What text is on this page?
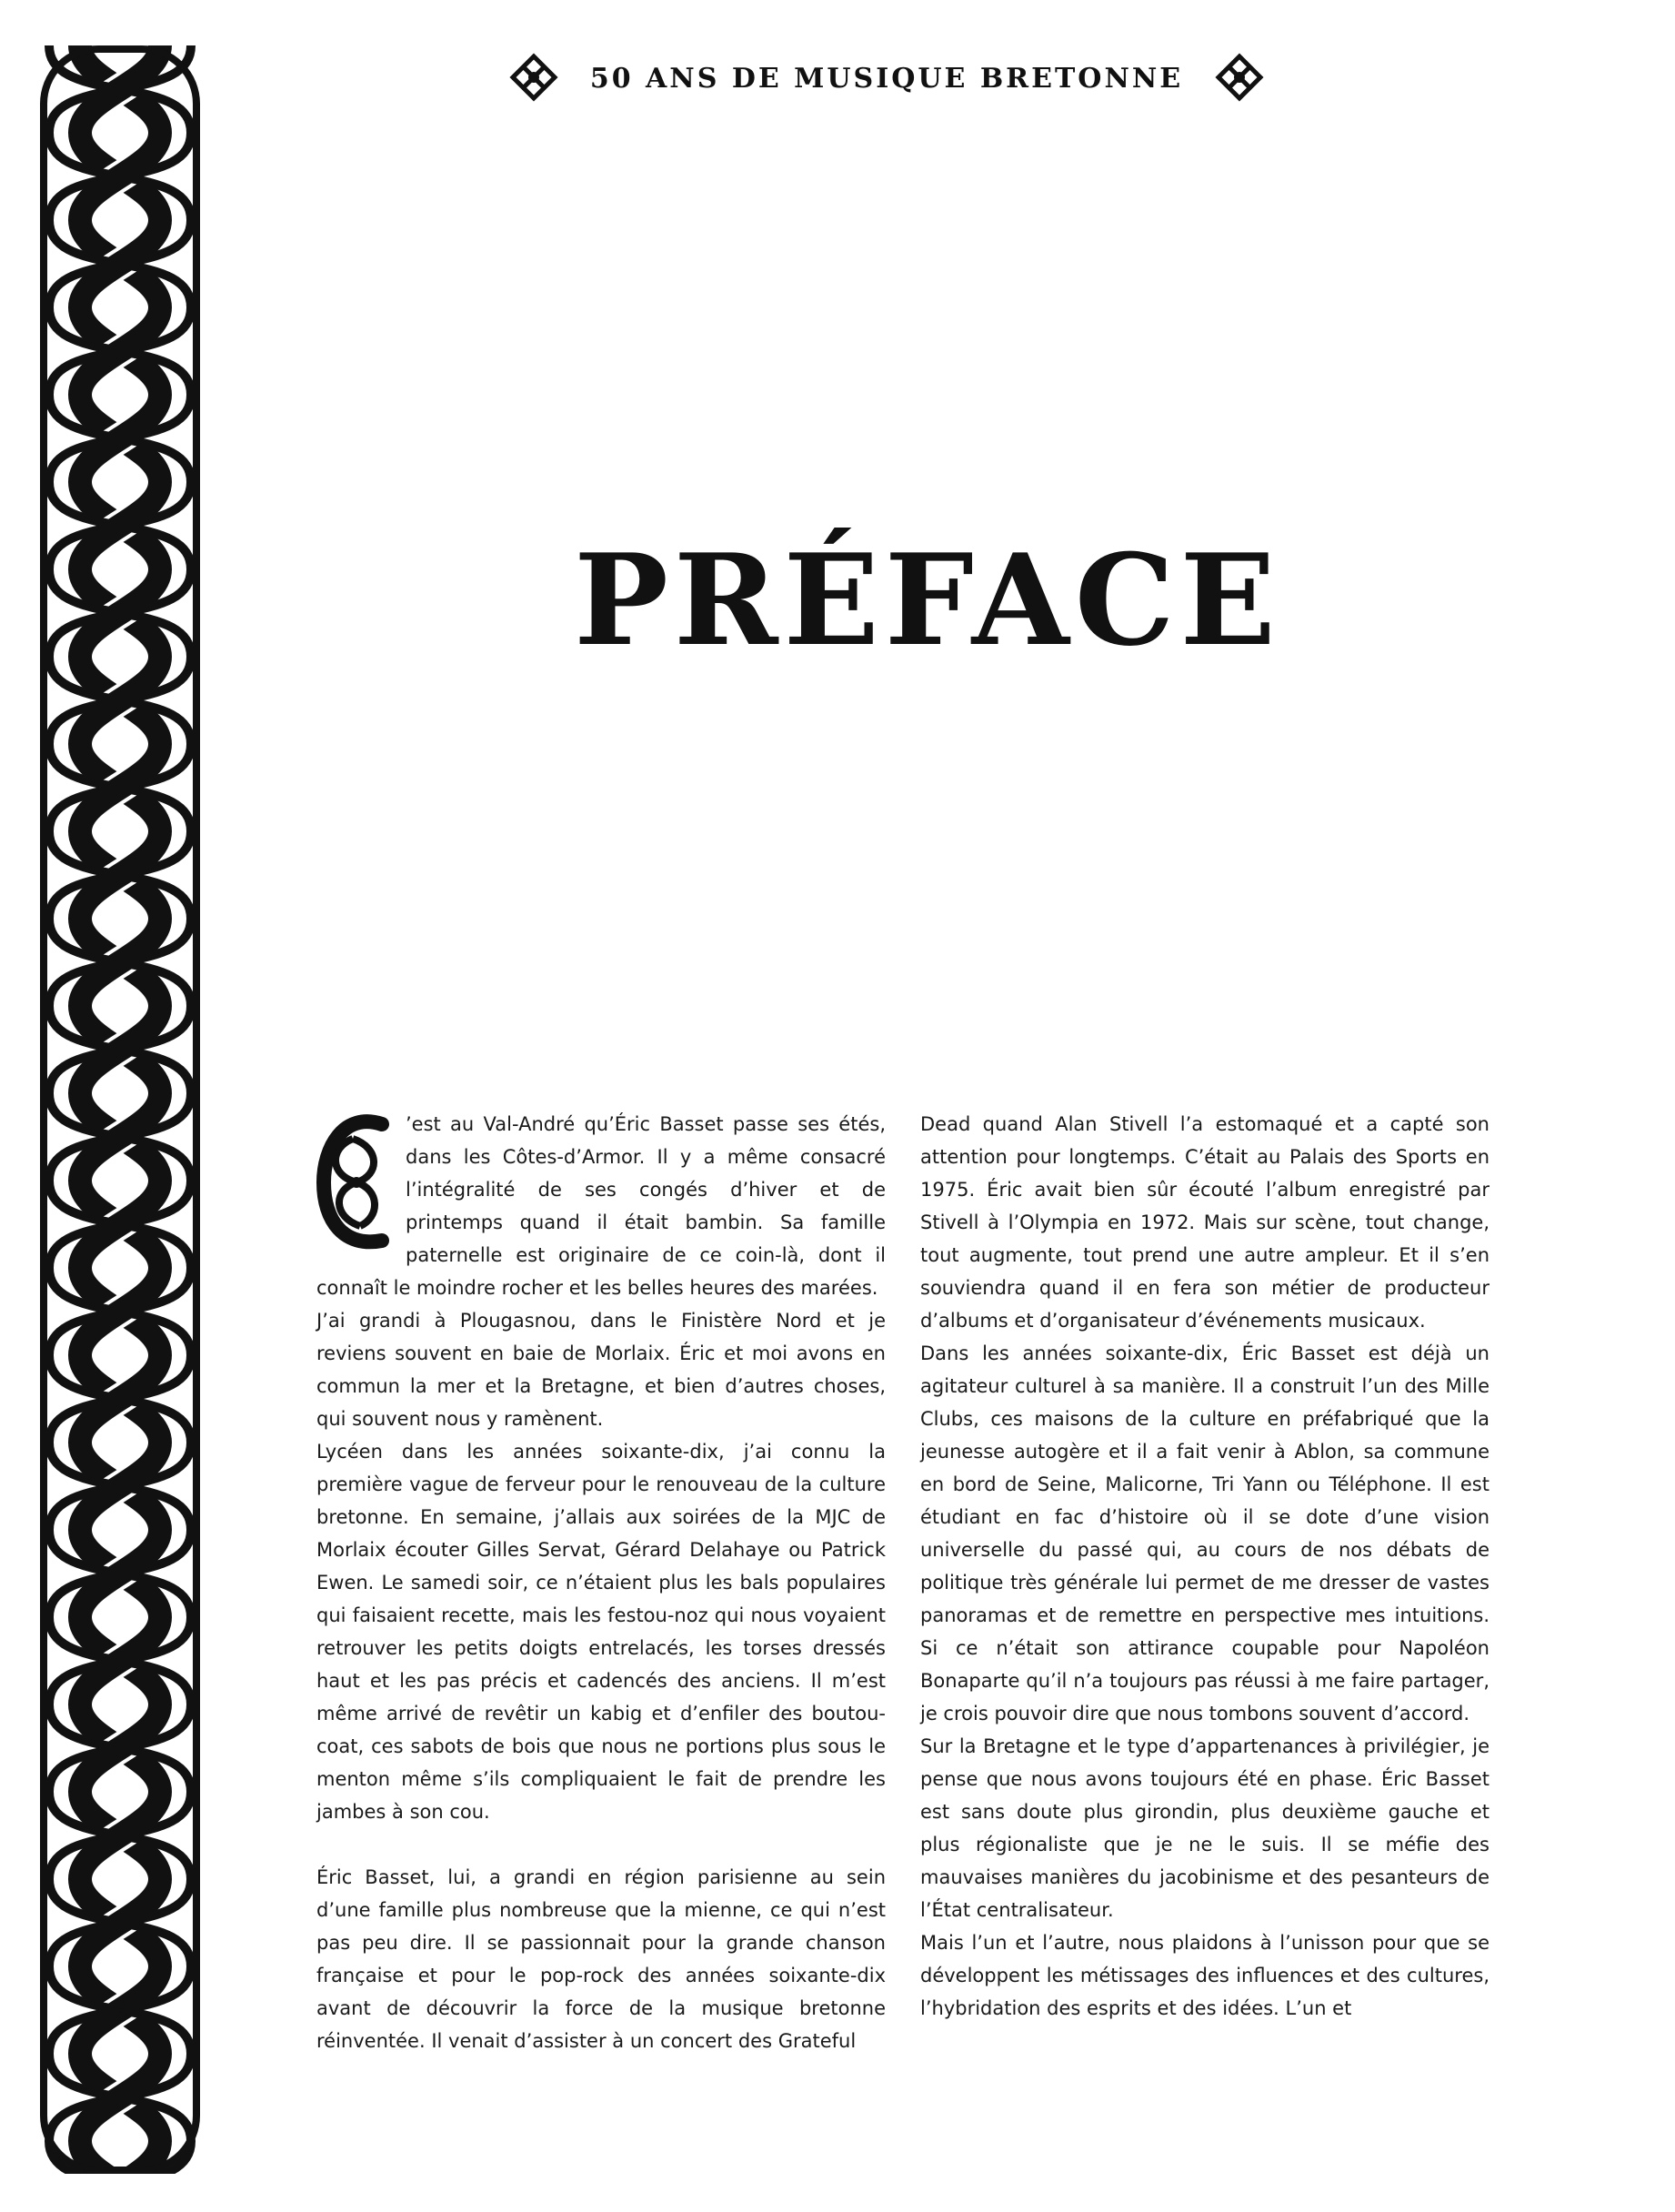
6
50 ANS DE MUSIQUE BRETONNE
PRÉFACE
C

’est au Val-André qu’Éric Basset passe ses étés, dans les Côtes-d’Armor. Il y a même consacré l’intégralité de ses congés d’hiver et de printemps quand il était bambin. Sa famille paternelle est originaire de ce coin-là, dont il connaît le moindre rocher et les belles heures des marées.

J’ai grandi à Plougasnou, dans le Finistère Nord et je reviens souvent en baie de Morlaix. Éric et moi avons en commun la mer et la Bretagne, et bien d’autres choses, qui souvent nous y ramènent.

Lycéen dans les années soixante-dix, j’ai connu la première vague de ferveur pour le renouveau de la culture bretonne. En semaine, j’allais aux soirées de la MJC de Morlaix écouter Gilles Servat, Gérard Delahaye ou Patrick Ewen. Le samedi soir, ce n’étaient plus les bals populaires qui faisaient recette, mais les festou-noz qui nous voyaient retrouver les petits doigts entrelacés, les torses dressés haut et les pas précis et cadencés des anciens. Il m’est même arrivé de revêtir un kabig et d’enfiler des boutou-coat, ces sabots de bois que nous ne portions plus sous le menton même s’ils compliquaient le fait de prendre les jambes à son cou.

Éric Basset, lui, a grandi en région parisienne au sein d’une famille plus nombreuse que la mienne, ce qui n’est pas peu dire. Il se passionnait pour la grande chanson française et pour le pop-rock des années soixante-dix avant de découvrir la force de la musique bretonne réinventée. Il venait d’assister à un concert des Grateful

Dead quand Alan Stivell l’a estomaqué et a capté son attention pour longtemps. C’était au Palais des Sports en 1975. Éric avait bien sûr écouté l’album enregistré par Stivell à l’Olympia en 1972. Mais sur scène, tout change, tout augmente, tout prend une autre ampleur. Et il s’en souviendra quand il en fera son métier de producteur d’albums et d’organisateur d’événements musicaux.

Dans les années soixante-dix, Éric Basset est déjà un agitateur culturel à sa manière. Il a construit l’un des Mille Clubs, ces maisons de la culture en préfabriqué que la jeunesse autogère et il a fait venir à Ablon, sa commune en bord de Seine, Malicorne, Tri Yann ou Téléphone. Il est étudiant en fac d’histoire où il se dote d’une vision universelle du passé qui, au cours de nos débats de politique très générale lui permet de me dresser de vastes panoramas et de remettre en perspective mes intuitions. Si ce n’était son attirance coupable pour Napoléon Bonaparte qu’il n’a toujours pas réussi à me faire partager, je crois pouvoir dire que nous tombons souvent d’accord.

Sur la Bretagne et le type d’appartenances à privilégier, je pense que nous avons toujours été en phase. Éric Basset est sans doute plus girondin, plus deuxième gauche et plus régionaliste que je ne le suis. Il se méfie des mauvaises manières du jacobinisme et des pesanteurs de l’État centralisateur.

Mais l’un et l’autre, nous plaidons à l’unisson pour que se développent les métissages des influences et des cultures, l’hybridation des esprits et des idées. L’un et
